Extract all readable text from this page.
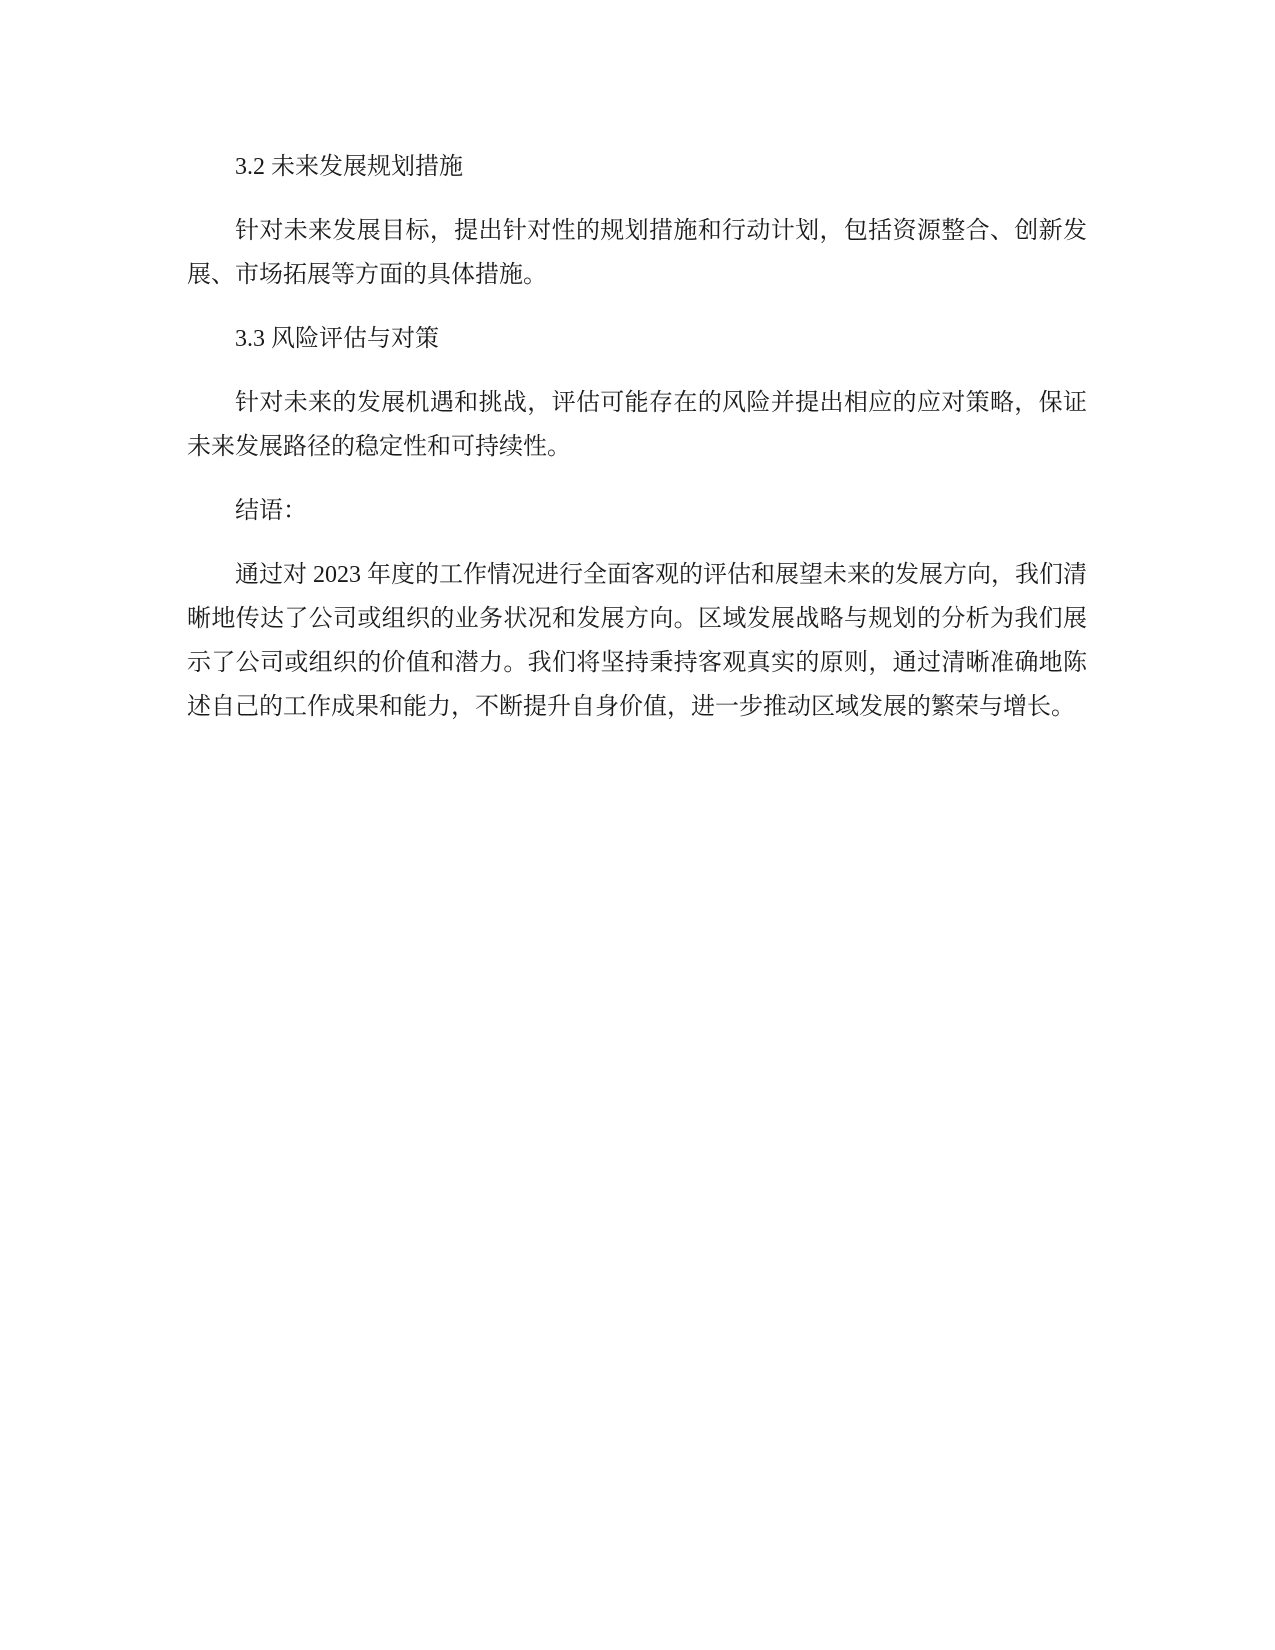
3.2 未来发展规划措施

针对未来发展目标，提出针对性的规划措施和行动计划，包括资源整合、创新发展、市场拓展等方面的具体措施。

3.3 风险评估与对策

针对未来的发展机遇和挑战，评估可能存在的风险并提出相应的应对策略，保证未来发展路径的稳定性和可持续性。

结语：

通过对 2023 年度的工作情况进行全面客观的评估和展望未来的发展方向，我们清晰地传达了公司或组织的业务状况和发展方向。区域发展战略与规划的分析为我们展示了公司或组织的价值和潜力。我们将坚持秉持客观真实的原则，通过清晰准确地陈述自己的工作成果和能力，不断提升自身价值，进一步推动区域发展的繁荣与增长。
